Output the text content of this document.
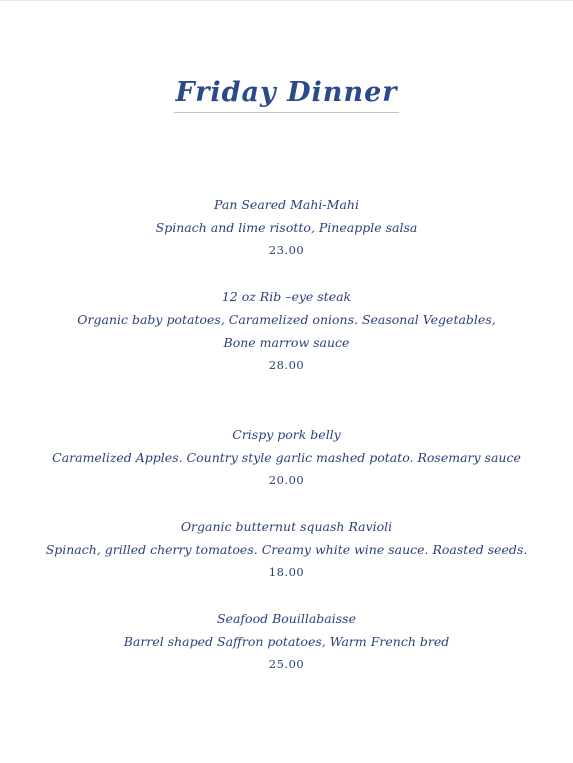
Friday Dinner
Pan Seared Mahi-Mahi
Spinach and lime risotto, Pineapple salsa
23.00
12 oz Rib –eye steak
Organic baby potatoes, Caramelized onions. Seasonal Vegetables,
Bone marrow sauce
28.00
Crispy pork belly
Caramelized Apples. Country style garlic mashed potato. Rosemary sauce
20.00
Organic butternut squash Ravioli
Spinach, grilled cherry tomatoes. Creamy white wine sauce. Roasted seeds.
18.00
Seafood Bouillabaisse
Barrel shaped Saffron potatoes, Warm French bred
25.00
